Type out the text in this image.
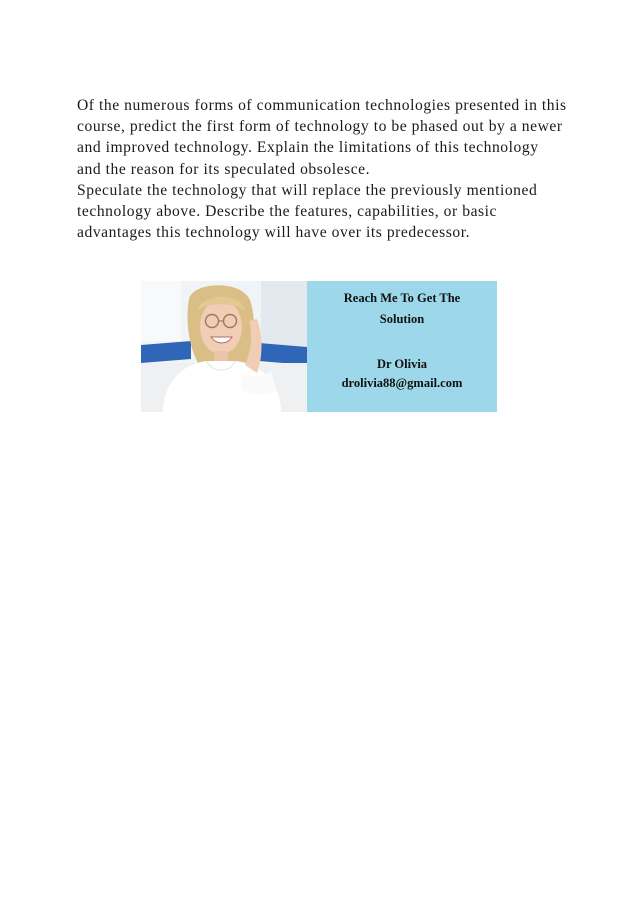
Of the numerous forms of communication technologies presented in this course, predict the first form of technology to be phased out by a newer and improved technology. Explain the limitations of this technology and the reason for its speculated obsolesce.

Speculate the technology that will replace the previously mentioned technology above. Describe the features, capabilities, or basic advantages this technology will have over its predecessor.

Reach Me To Get The
Solution
Dr Olivia
drolivia88@gmail.com
